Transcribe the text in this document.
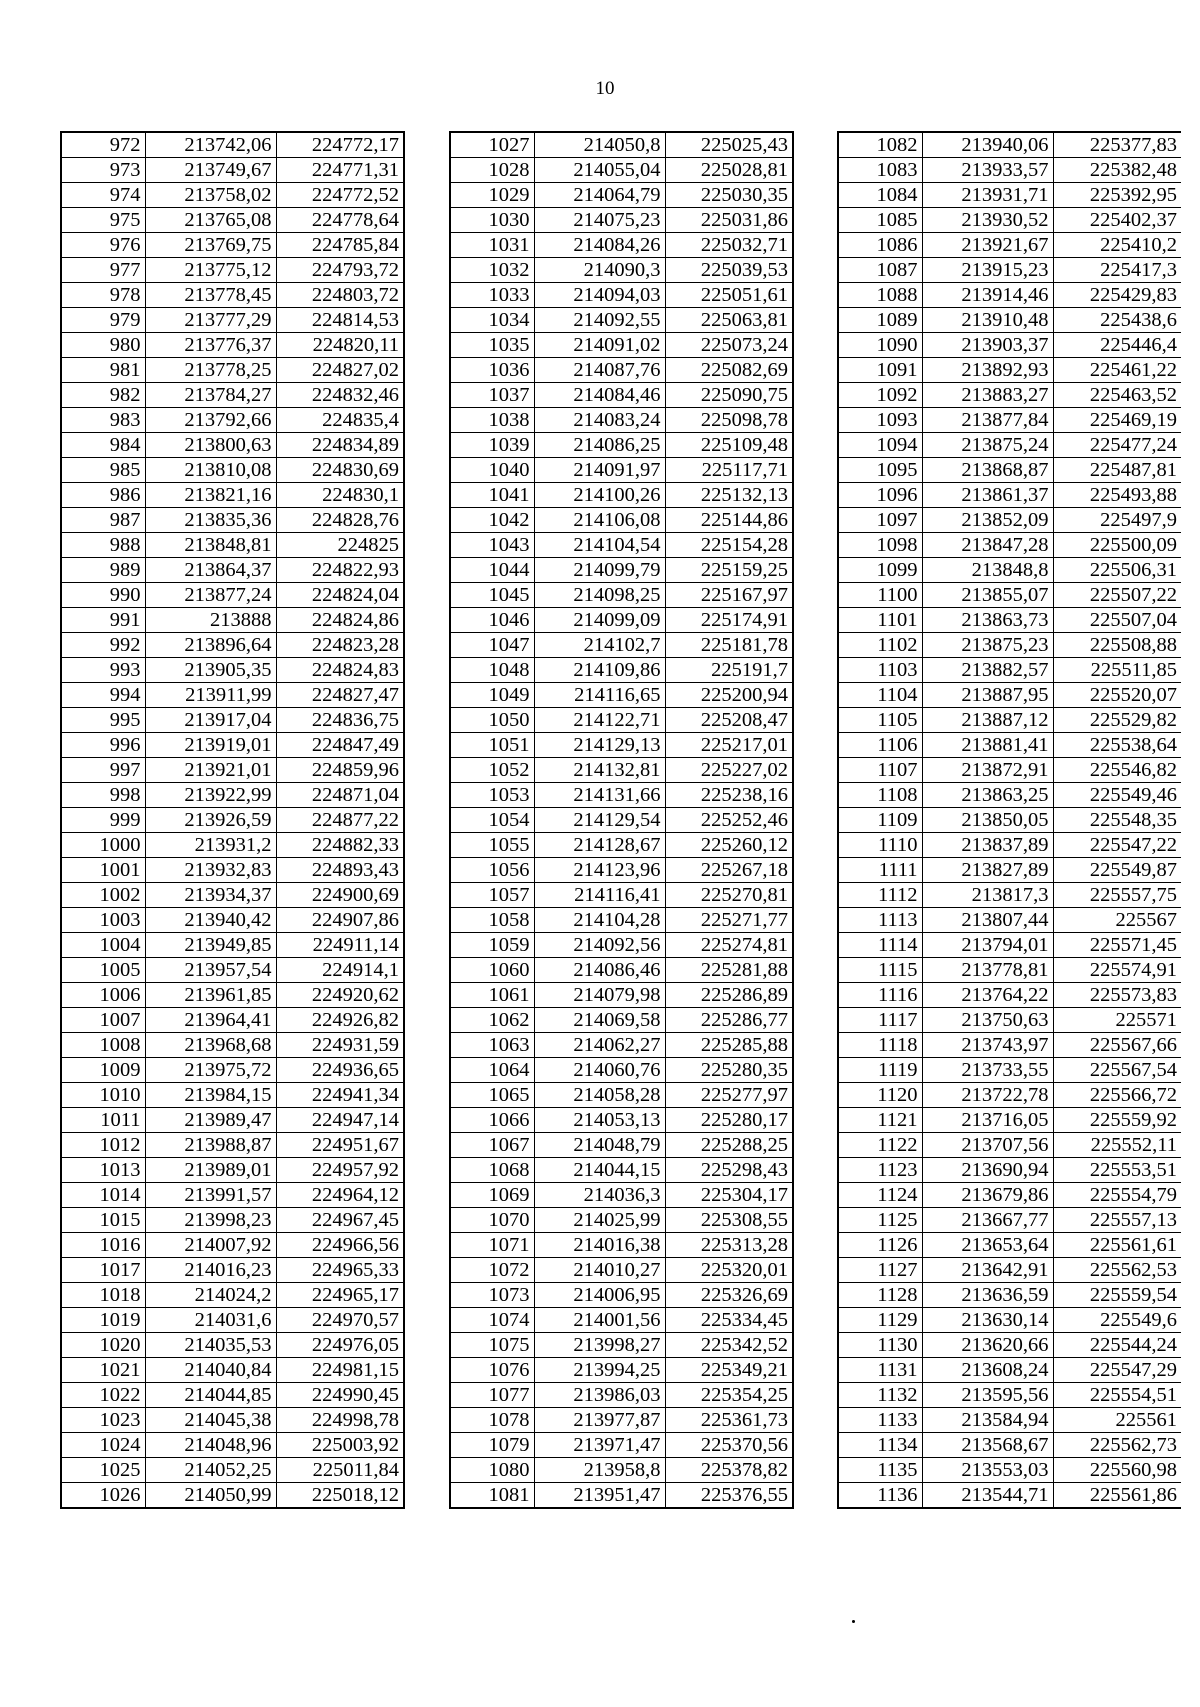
10
972	213742,06	224772,17
973	213749,67	224771,31
974	213758,02	224772,52
975	213765,08	224778,64
976	213769,75	224785,84
977	213775,12	224793,72
978	213778,45	224803,72
979	213777,29	224814,53
980	213776,37	224820,11
981	213778,25	224827,02
982	213784,27	224832,46
983	213792,66	224835,4
984	213800,63	224834,89
985	213810,08	224830,69
986	213821,16	224830,1
987	213835,36	224828,76
988	213848,81	224825
989	213864,37	224822,93
990	213877,24	224824,04
991	213888	224824,86
992	213896,64	224823,28
993	213905,35	224824,83
994	213911,99	224827,47
995	213917,04	224836,75
996	213919,01	224847,49
997	213921,01	224859,96
998	213922,99	224871,04
999	213926,59	224877,22
1000	213931,2	224882,33
1001	213932,83	224893,43
1002	213934,37	224900,69
1003	213940,42	224907,86
1004	213949,85	224911,14
1005	213957,54	224914,1
1006	213961,85	224920,62
1007	213964,41	224926,82
1008	213968,68	224931,59
1009	213975,72	224936,65
1010	213984,15	224941,34
1011	213989,47	224947,14
1012	213988,87	224951,67
1013	213989,01	224957,92
1014	213991,57	224964,12
1015	213998,23	224967,45
1016	214007,92	224966,56
1017	214016,23	224965,33
1018	214024,2	224965,17
1019	214031,6	224970,57
1020	214035,53	224976,05
1021	214040,84	224981,15
1022	214044,85	224990,45
1023	214045,38	224998,78
1024	214048,96	225003,92
1025	214052,25	225011,84
1026	214050,99	225018,12
1027	214050,8	225025,43
1028	214055,04	225028,81
1029	214064,79	225030,35
1030	214075,23	225031,86
1031	214084,26	225032,71
1032	214090,3	225039,53
1033	214094,03	225051,61
1034	214092,55	225063,81
1035	214091,02	225073,24
1036	214087,76	225082,69
1037	214084,46	225090,75
1038	214083,24	225098,78
1039	214086,25	225109,48
1040	214091,97	225117,71
1041	214100,26	225132,13
1042	214106,08	225144,86
1043	214104,54	225154,28
1044	214099,79	225159,25
1045	214098,25	225167,97
1046	214099,09	225174,91
1047	214102,7	225181,78
1048	214109,86	225191,7
1049	214116,65	225200,94
1050	214122,71	225208,47
1051	214129,13	225217,01
1052	214132,81	225227,02
1053	214131,66	225238,16
1054	214129,54	225252,46
1055	214128,67	225260,12
1056	214123,96	225267,18
1057	214116,41	225270,81
1058	214104,28	225271,77
1059	214092,56	225274,81
1060	214086,46	225281,88
1061	214079,98	225286,89
1062	214069,58	225286,77
1063	214062,27	225285,88
1064	214060,76	225280,35
1065	214058,28	225277,97
1066	214053,13	225280,17
1067	214048,79	225288,25
1068	214044,15	225298,43
1069	214036,3	225304,17
1070	214025,99	225308,55
1071	214016,38	225313,28
1072	214010,27	225320,01
1073	214006,95	225326,69
1074	214001,56	225334,45
1075	213998,27	225342,52
1076	213994,25	225349,21
1077	213986,03	225354,25
1078	213977,87	225361,73
1079	213971,47	225370,56
1080	213958,8	225378,82
1081	213951,47	225376,55
1082	213940,06	225377,83
1083	213933,57	225382,48
1084	213931,71	225392,95
1085	213930,52	225402,37
1086	213921,67	225410,2
1087	213915,23	225417,3
1088	213914,46	225429,83
1089	213910,48	225438,6
1090	213903,37	225446,4
1091	213892,93	225461,22
1092	213883,27	225463,52
1093	213877,84	225469,19
1094	213875,24	225477,24
1095	213868,87	225487,81
1096	213861,37	225493,88
1097	213852,09	225497,9
1098	213847,28	225500,09
1099	213848,8	225506,31
1100	213855,07	225507,22
1101	213863,73	225507,04
1102	213875,23	225508,88
1103	213882,57	225511,85
1104	213887,95	225520,07
1105	213887,12	225529,82
1106	213881,41	225538,64
1107	213872,91	225546,82
1108	213863,25	225549,46
1109	213850,05	225548,35
1110	213837,89	225547,22
1111	213827,89	225549,87
1112	213817,3	225557,75
1113	213807,44	225567
1114	213794,01	225571,45
1115	213778,81	225574,91
1116	213764,22	225573,83
1117	213750,63	225571
1118	213743,97	225567,66
1119	213733,55	225567,54
1120	213722,78	225566,72
1121	213716,05	225559,92
1122	213707,56	225552,11
1123	213690,94	225553,51
1124	213679,86	225554,79
1125	213667,77	225557,13
1126	213653,64	225561,61
1127	213642,91	225562,53
1128	213636,59	225559,54
1129	213630,14	225549,6
1130	213620,66	225544,24
1131	213608,24	225547,29
1132	213595,56	225554,51
1133	213584,94	225561
1134	213568,67	225562,73
1135	213553,03	225560,98
1136	213544,71	225561,86
